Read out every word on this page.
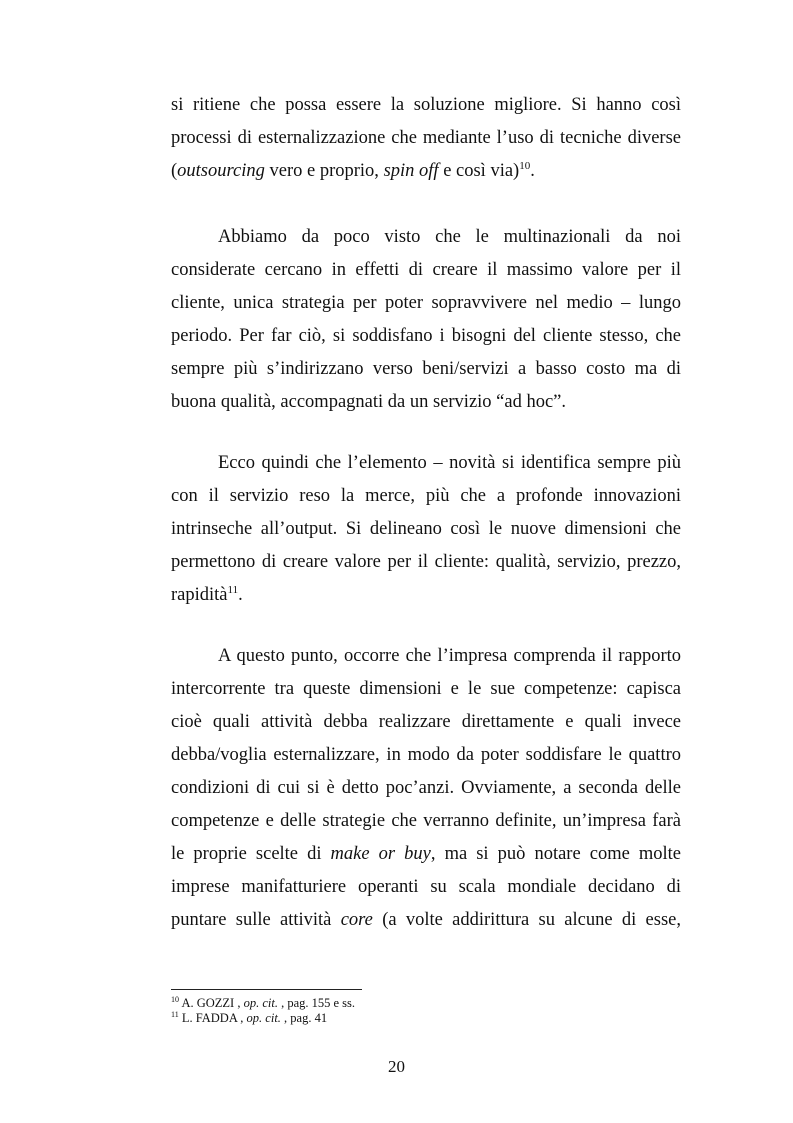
si ritiene che possa essere la soluzione migliore. Si hanno così
processi di esternalizzazione che mediante l’uso di tecniche diverse
(outsourcing vero e proprio, spin off e così via)$^{10}$.
Abbiamo da poco visto che le multinazionali da noi
considerate cercano in effetti di creare il massimo valore per il
cliente, unica strategia per poter sopravvivere nel medio – lungo
periodo. Per far ciò, si soddisfano i bisogni del cliente stesso, che
sempre più s’indirizzano verso beni/servizi a basso costo ma di
buona qualità, accompagnati da un servizio “ad hoc”.
Ecco quindi che l’elemento – novità si identifica sempre più
con il servizio reso la merce, più che a profonde innovazioni
intrinseche all’output. Si delineano così le nuove dimensioni che
permettono di creare valore per il cliente: qualità, servizio, prezzo,
rapidità$^{11}$.
A questo punto, occorre che l’impresa comprenda il rapporto
intercorrente tra queste dimensioni e le sue competenze: capisca
cioè quali attività debba realizzare direttamente e quali invece
debba/voglia esternalizzare, in modo da poter soddisfare le quattro
condizioni di cui si è detto poc’anzi. Ovviamente, a seconda delle
competenze e delle strategie che verranno definite, un’impresa farà
le proprie scelte di make or buy, ma si può notare come molte
imprese manifatturiere operanti su scala mondiale decidano di
puntare sulle attività core (a volte addirittura su alcune di esse,
$^{10}$ A. GOZZI , op. cit. , pag. 155 e ss.
$^{11}$ L. FADDA , op. cit. , pag. 41
20
